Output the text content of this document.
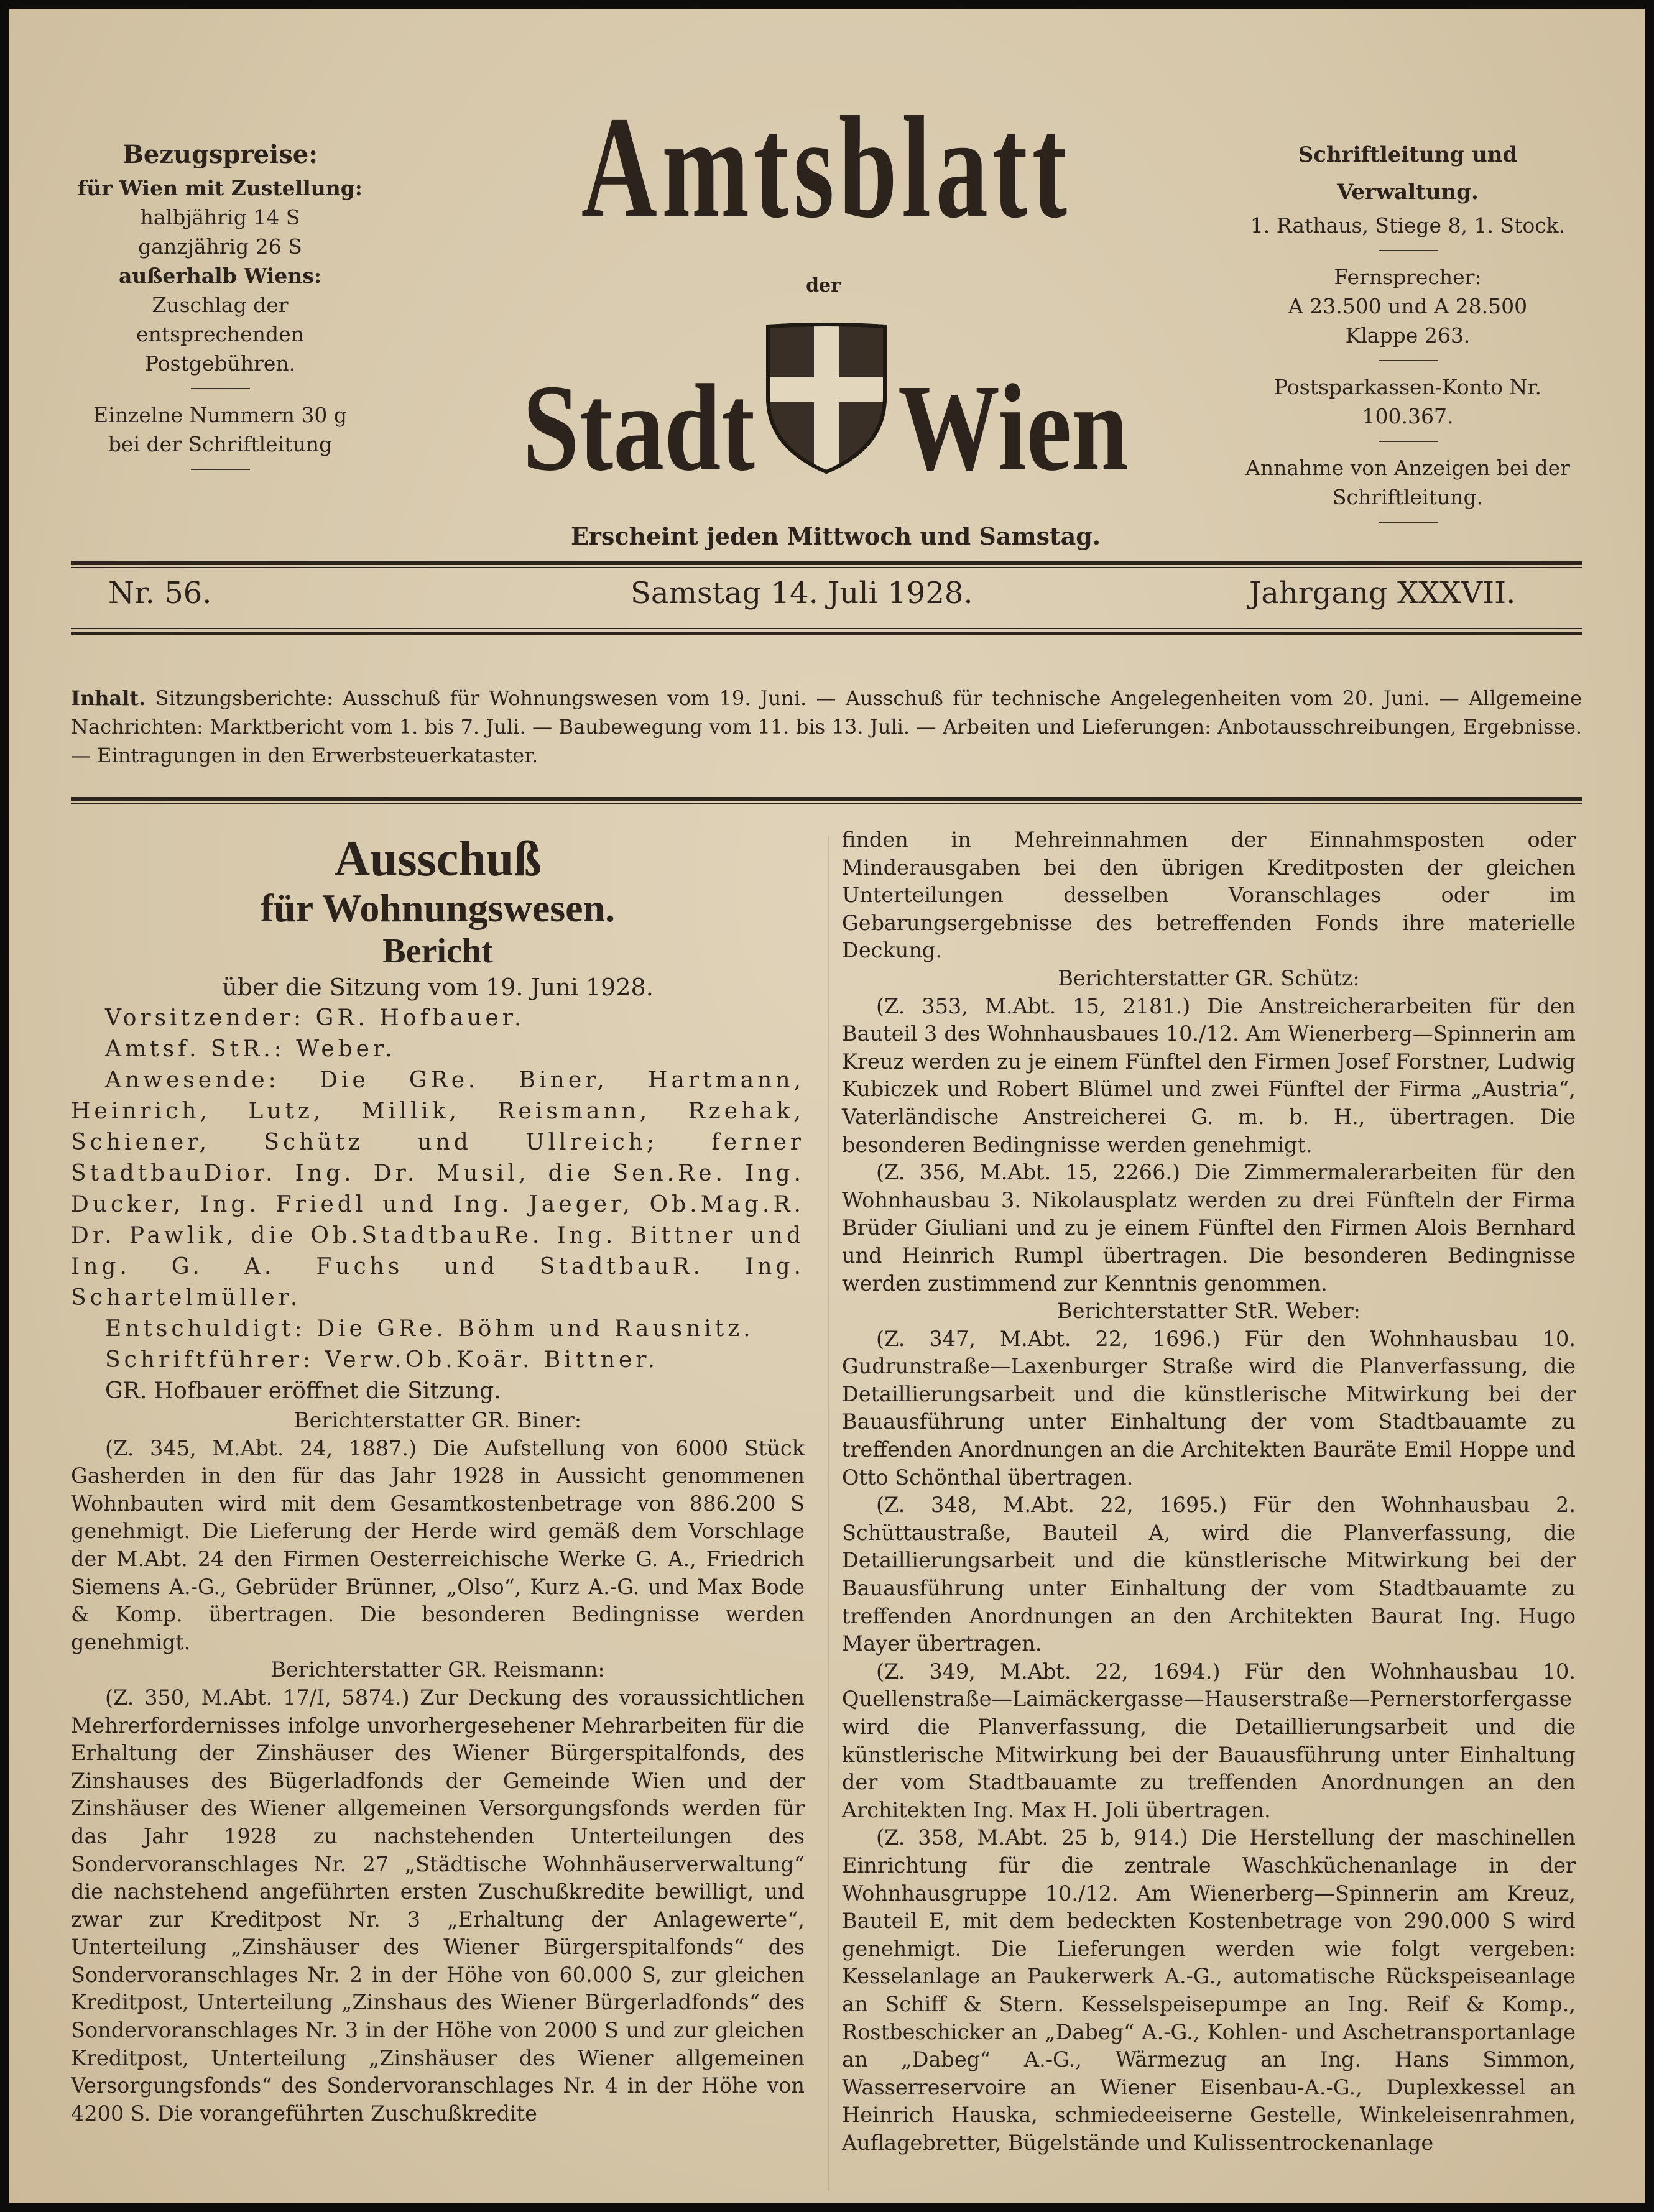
Bezugspreise:
für Wien mit Zustellung:
halbjährig 14 S
ganzjährig 26 S
außerhalb Wiens:
Zuschlag der entsprechenden
Postgebühren.
Einzelne Nummern 30 g
bei der Schriftleitung
Amtsblatt
der
Stadt Wien
Erscheint jeden Mittwoch und Samstag.
Schriftleitung und Verwaltung.
1. Rathaus, Stiege 8, 1. Stock.
Fernsprecher:
A 23.500 und A 28.500
Klappe 263.
Postsparkassen-Konto Nr. 100.367.
Annahme von Anzeigen bei der
Schriftleitung.
Nr. 56.	Samstag 14. Juli 1928.	Jahrgang XXXVII.
Inhalt. Sitzungsberichte: Ausschuß für Wohnungswesen vom 19. Juni. — Ausschuß für technische Angelegenheiten vom 20. Juni. — Allgemeine Nachrichten: Marktbericht vom 1. bis 7. Juli. — Baubewegung vom 11. bis 13. Juli. — Arbeiten und Lieferungen: Anbotausschreibungen, Ergebnisse. — Eintragungen in den Erwerbsteuerkataster.
Ausschuß
für Wohnungswesen.
Bericht

über die Sitzung vom 19. Juni 1928.

Vorsitzender: GR. Hofbauer.

Amtsf. StR.: Weber.

Anwesende: Die GRe. Biner, Hartmann, Heinrich, Lutz, Millik, Reismann, Rzehak, Schiener, Schütz und Ullreich; ferner StadtbauDior. Ing. Dr. Musil, die Sen.Re. Ing. Ducker, Ing. Friedl und Ing. Jaeger, Ob.Mag.R. Dr. Pawlik, die Ob.StadtbauRe. Ing. Bittner und Ing. G. A. Fuchs und StadtbauR. Ing. Schartelmüller.

Entschuldigt: Die GRe. Böhm und Rausnitz.

Schriftführer: Verw.Ob.Koär. Bittner.

GR. Hofbauer eröffnet die Sitzung.

Berichterstatter GR. Biner:

(Z. 345, M.Abt. 24, 1887.) Die Aufstellung von 6000 Stück Gasherden in den für das Jahr 1928 in Aussicht genommenen Wohnbauten wird mit dem Gesamtkostenbetrage von 886.200 S genehmigt. Die Lieferung der Herde wird gemäß dem Vorschlage der M.Abt. 24 den Firmen Oesterreichische Werke G. A., Friedrich Siemens A.-G., Gebrüder Brünner, „Olso“, Kurz A.-G. und Max Bode & Komp. übertragen. Die besonderen Bedingnisse werden genehmigt.

Berichterstatter GR. Reismann:

(Z. 350, M.Abt. 17/I, 5874.) Zur Deckung des voraussichtlichen Mehrerfordernisses infolge unvorhergesehener Mehrarbeiten für die Erhaltung der Zinshäuser des Wiener Bürgerspitalfonds, des Zinshauses des Bügerladfonds der Gemeinde Wien und der Zinshäuser des Wiener allgemeinen Versorgungsfonds werden für das Jahr 1928 zu nachstehenden Unterteilungen des Sondervoranschlages Nr. 27 „Städtische Wohnhäuserverwaltung“ die nachstehend angeführten ersten Zuschußkredite bewilligt, und zwar zur Kreditpost Nr. 3 „Erhaltung der Anlagewerte“, Unterteilung „Zinshäuser des Wiener Bürgerspitalfonds“ des Sondervoranschlages Nr. 2 in der Höhe von 60.000 S, zur gleichen Kreditpost, Unterteilung „Zinshaus des Wiener Bürgerladfonds“ des Sondervoranschlages Nr. 3 in der Höhe von 2000 S und zur gleichen Kreditpost, Unterteilung „Zinshäuser des Wiener allgemeinen Versorgungsfonds“ des Sondervoranschlages Nr. 4 in der Höhe von 4200 S. Die vorangeführten Zuschußkredite

finden in Mehreinnahmen der Einnahmsposten oder Minderausgaben bei den übrigen Kreditposten der gleichen Unterteilungen desselben Voranschlages oder im Gebarungsergebnisse des betreffenden Fonds ihre materielle Deckung.

Berichterstatter GR. Schütz:

(Z. 353, M.Abt. 15, 2181.) Die Anstreicherarbeiten für den Bauteil 3 des Wohnhausbaues 10./12. Am Wienerberg—Spinnerin am Kreuz werden zu je einem Fünftel den Firmen Josef Forstner, Ludwig Kubiczek und Robert Blümel und zwei Fünftel der Firma „Austria“, Vaterländische Anstreicherei G. m. b. H., übertragen. Die besonderen Bedingnisse werden genehmigt.

(Z. 356, M.Abt. 15, 2266.) Die Zimmermalerarbeiten für den Wohnhausbau 3. Nikolausplatz werden zu drei Fünfteln der Firma Brüder Giuliani und zu je einem Fünftel den Firmen Alois Bernhard und Heinrich Rumpl übertragen. Die besonderen Bedingnisse werden zustimmend zur Kenntnis genommen.

Berichterstatter StR. Weber:

(Z. 347, M.Abt. 22, 1696.) Für den Wohnhausbau 10. Gudrunstraße—Laxenburger Straße wird die Planverfassung, die Detaillierungsarbeit und die künstlerische Mitwirkung bei der Bauausführung unter Einhaltung der vom Stadtbauamte zu treffenden Anordnungen an die Architekten Bauräte Emil Hoppe und Otto Schönthal übertragen.

(Z. 348, M.Abt. 22, 1695.) Für den Wohnhausbau 2. Schüttaustraße, Bauteil A, wird die Planverfassung, die Detaillierungsarbeit und die künstlerische Mitwirkung bei der Bauausführung unter Einhaltung der vom Stadtbauamte zu treffenden Anordnungen an den Architekten Baurat Ing. Hugo Mayer übertragen.

(Z. 349, M.Abt. 22, 1694.) Für den Wohnhausbau 10. Quellenstraße—Laimäckergasse—Hauserstraße—Pernerstorfergasse wird die Planverfassung, die Detaillierungsarbeit und die künstlerische Mitwirkung bei der Bauausführung unter Einhaltung der vom Stadtbauamte zu treffenden Anordnungen an den Architekten Ing. Max H. Joli übertragen.

(Z. 358, M.Abt. 25 b, 914.) Die Herstellung der maschinellen Einrichtung für die zentrale Waschküchenanlage in der Wohnhausgruppe 10./12. Am Wienerberg—Spinnerin am Kreuz, Bauteil E, mit dem bedeckten Kostenbetrage von 290.000 S wird genehmigt. Die Lieferungen werden wie folgt vergeben: Kesselanlage an Paukerwerk A.-G., automatische Rückspeiseanlage an Schiff & Stern. Kesselspeisepumpe an Ing. Reif & Komp., Rostbeschicker an „Dabeg“ A.-G., Kohlen- und Aschetransportanlage an „Dabeg“ A.-G., Wärmezug an Ing. Hans Simmon, Wasserreservoire an Wiener Eisenbau-A.-G., Duplexkessel an Heinrich Hauska, schmiedeeiserne Gestelle, Winkeleisenrahmen, Auflagebretter, Bügelstände und Kulissentrockenanlage
